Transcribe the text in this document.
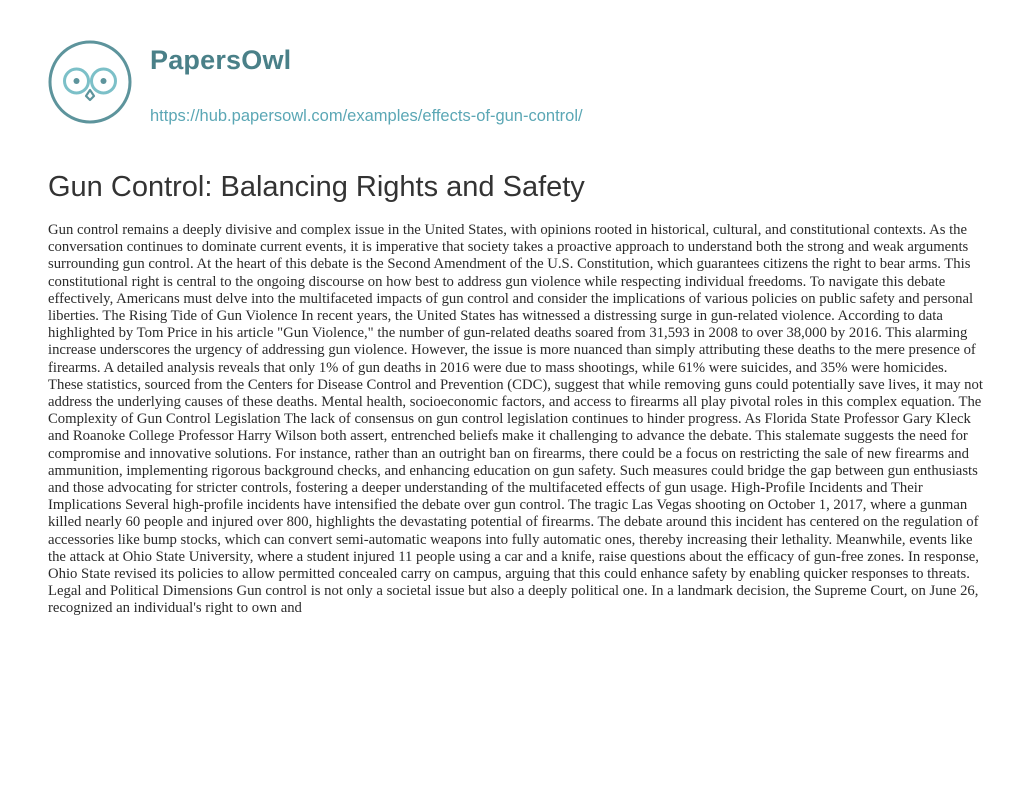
PapersOwl
https://hub.papersowl.com/examples/effects-of-gun-control/
Gun Control: Balancing Rights and Safety

Gun control remains a deeply divisive and complex issue in the United States, with opinions rooted in historical, cultural, and constitutional contexts. As the conversation continues to dominate current events, it is imperative that society takes a proactive approach to understand both the strong and weak arguments surrounding gun control. At the heart of this debate is the Second Amendment of the U.S. Constitution, which guarantees citizens the right to bear arms. This constitutional right is central to the ongoing discourse on how best to address gun violence while respecting individual freedoms. To navigate this debate effectively, Americans must delve into the multifaceted impacts of gun control and consider the implications of various policies on public safety and personal liberties. The Rising Tide of Gun Violence In recent years, the United States has witnessed a distressing surge in gun-related violence. According to data highlighted by Tom Price in his article "Gun Violence," the number of gun-related deaths soared from 31,593 in 2008 to over 38,000 by 2016. This alarming increase underscores the urgency of addressing gun violence. However, the issue is more nuanced than simply attributing these deaths to the mere presence of firearms. A detailed analysis reveals that only 1% of gun deaths in 2016 were due to mass shootings, while 61% were suicides, and 35% were homicides. These statistics, sourced from the Centers for Disease Control and Prevention (CDC), suggest that while removing guns could potentially save lives, it may not address the underlying causes of these deaths. Mental health, socioeconomic factors, and access to firearms all play pivotal roles in this complex equation. The Complexity of Gun Control Legislation The lack of consensus on gun control legislation continues to hinder progress. As Florida State Professor Gary Kleck and Roanoke College Professor Harry Wilson both assert, entrenched beliefs make it challenging to advance the debate. This stalemate suggests the need for compromise and innovative solutions. For instance, rather than an outright ban on firearms, there could be a focus on restricting the sale of new firearms and ammunition, implementing rigorous background checks, and enhancing education on gun safety. Such measures could bridge the gap between gun enthusiasts and those advocating for stricter controls, fostering a deeper understanding of the multifaceted effects of gun usage. High-Profile Incidents and Their Implications Several high-profile incidents have intensified the debate over gun control. The tragic Las Vegas shooting on October 1, 2017, where a gunman killed nearly 60 people and injured over 800, highlights the devastating potential of firearms. The debate around this incident has centered on the regulation of accessories like bump stocks, which can convert semi-automatic weapons into fully automatic ones, thereby increasing their lethality. Meanwhile, events like the attack at Ohio State University, where a student injured 11 people using a car and a knife, raise questions about the efficacy of gun-free zones. In response, Ohio State revised its policies to allow permitted concealed carry on campus, arguing that this could enhance safety by enabling quicker responses to threats. Legal and Political Dimensions Gun control is not only a societal issue but also a deeply political one. In a landmark decision, the Supreme Court, on June 26, recognized an individual's right to own and
